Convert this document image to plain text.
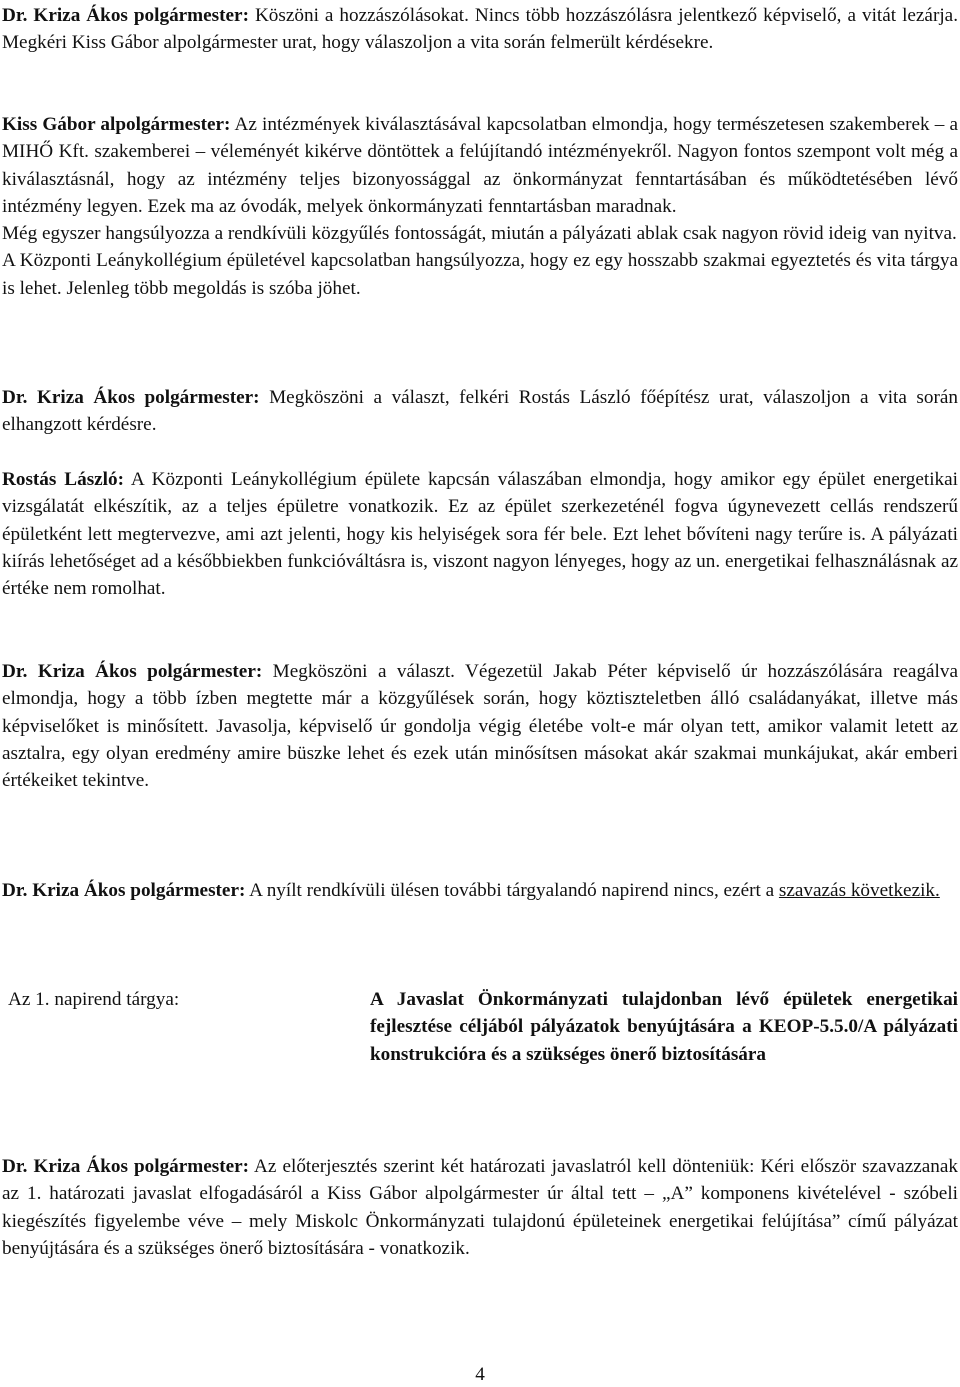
Dr. Kriza Ákos polgármester: Köszöni a hozzászólásokat. Nincs több hozzászólásra jelentkező képviselő, a vitát lezárja. Megkéri Kiss Gábor alpolgármester urat, hogy válaszoljon a vita során felmerült kérdésekre.

Kiss Gábor alpolgármester: Az intézmények kiválasztásával kapcsolatban elmondja, hogy természetesen szakemberek – a MIHŐ Kft. szakemberei – véleményét kikérve döntöttek a felújítandó intézményekről. Nagyon fontos szempont volt még a kiválasztásnál, hogy az intézmény teljes bizonyossággal az önkormányzat fenntartásában és működtetésében lévő intézmény legyen. Ezek ma az óvodák, melyek önkormányzati fenntartásban maradnak.
Még egyszer hangsúlyozza a rendkívüli közgyűlés fontosságát, miután a pályázati ablak csak nagyon rövid ideig van nyitva.
A Központi Leánykollégium épületével kapcsolatban hangsúlyozza, hogy ez egy hosszabb szakmai egyeztetés és vita tárgya is lehet. Jelenleg több megoldás is szóba jöhet.

Dr. Kriza Ákos polgármester: Megköszöni a választ, felkéri Rostás László főépítész urat, válaszoljon a vita során elhangzott kérdésre.

Rostás László: A Központi Leánykollégium épülete kapcsán válaszában elmondja, hogy amikor egy épület energetikai vizsgálatát elkészítik, az a teljes épületre vonatkozik. Ez az épület szerkezeténél fogva úgynevezett cellás rendszerű épületként lett megtervezve, ami azt jelenti, hogy kis helyiségek sora fér bele. Ezt lehet bővíteni nagy terűre is. A pályázati kiírás lehetőséget ad a későbbiekben funkcióváltásra is, viszont nagyon lényeges, hogy az un. energetikai felhasználásnak az értéke nem romolhat.

Dr. Kriza Ákos polgármester: Megköszöni a választ. Végezetül Jakab Péter képviselő úr hozzászólására reagálva elmondja, hogy a több ízben megtette már a közgyűlések során, hogy köztiszteletben álló családanyákat, illetve más képviselőket is minősített. Javasolja, képviselő úr gondolja végig életébe volt-e már olyan tett, amikor valamit letett az asztalra, egy olyan eredmény amire büszke lehet és ezek után minősítsen másokat akár szakmai munkájukat, akár emberi értékeiket tekintve.

Dr. Kriza Ákos polgármester: A nyílt rendkívüli ülésen további tárgyalandó napirend nincs, ezért a szavazás következik.

Az 1. napirend tárgya:	A Javaslat Önkormányzati tulajdonban lévő épületek energetikai fejlesztése céljából pályázatok benyújtására a KEOP-5.5.0/A pályázati konstrukcióra és a szükséges önerő biztosítására

Dr. Kriza Ákos polgármester: Az előterjesztés szerint két határozati javaslatról kell dönteniük: Kéri először szavazzanak az 1. határozati javaslat elfogadásáról a Kiss Gábor alpolgármester úr által tett – „A” komponens kivételével - szóbeli kiegészítés figyelembe véve – mely Miskolc Önkormányzati tulajdonú épületeinek energetikai felújítása” című pályázat benyújtására és a szükséges önerő biztosítására - vonatkozik.

4
